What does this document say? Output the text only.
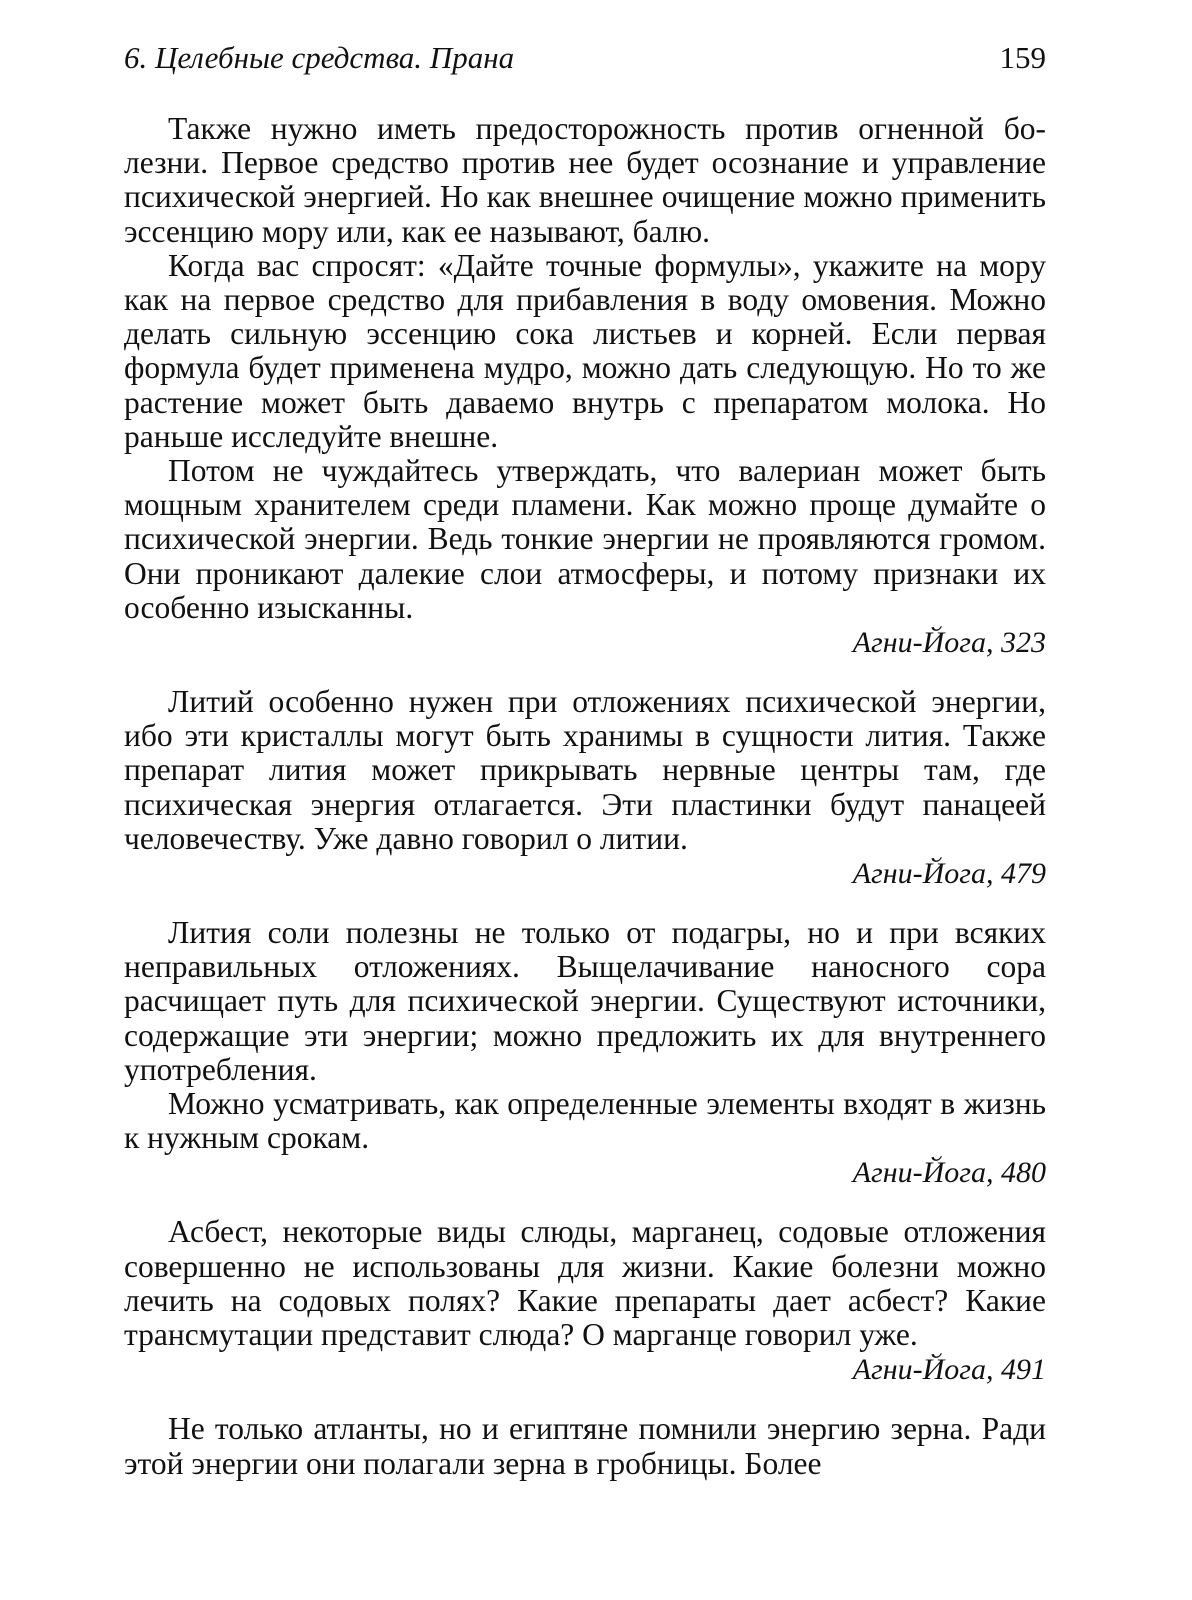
6. Целебные средства. Прана	159

Также нужно иметь предосторожность против огненной болезни. Первое средство против нее будет осознание и управление психической энергией. Но как внешнее очищение можно применить эссенцию мору или, как ее называют, балю.

Когда вас спросят: «Дайте точные формулы», укажите на мору как на первое средство для прибавления в воду омовения. Можно делать сильную эссенцию сока листьев и корней. Если первая формула будет применена мудро, можно дать следующую. Но то же растение может быть даваемо внутрь с препаратом молока. Но раньше исследуйте внешне.

Потом не чуждайтесь утверждать, что валериан может быть мощным хранителем среди пламени. Как можно проще думайте о психической энергии. Ведь тонкие энергии не проявляются громом. Они проникают далекие слои атмосферы, и потому признаки их особенно изысканны.

Агни-Йога, 323

Литий особенно нужен при отложениях психической энергии, ибо эти кристаллы могут быть хранимы в сущности лития. Также препарат лития может прикрывать нервные центры там, где психическая энергия отлагается. Эти пластинки будут панацеей человечеству. Уже давно говорил о литии.

Агни-Йога, 479

Лития соли полезны не только от подагры, но и при всяких неправильных отложениях. Выщелачивание наносного сора расчищает путь для психической энергии. Существуют источники, содержащие эти энергии; можно предложить их для внутреннего употребления.

Можно усматривать, как определенные элементы входят в жизнь к нужным срокам.

Агни-Йога, 480

Асбест, некоторые виды слюды, марганец, содовые отложения совершенно не использованы для жизни. Какие болезни можно лечить на содовых полях? Какие препараты дает асбест? Какие трансмутации представит слюда? О марганце говорил уже.

Агни-Йога, 491

Не только атланты, но и египтяне помнили энергию зерна. Ради этой энергии они полагали зерна в гробницы. Более
